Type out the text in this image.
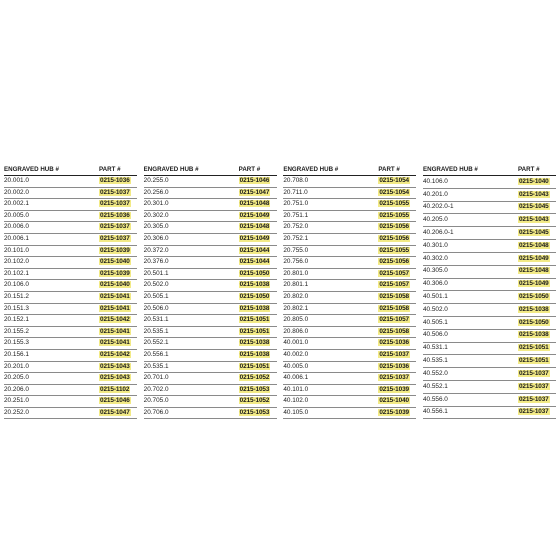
ENGRAVED HUB #	PART #
20.001.0	0215-1036
20.002.0	0215-1037
20.002.1	0215-1037
20.005.0	0215-1036
20.006.0	0215-1037
20.006.1	0215-1037
20.101.0	0215-1039
20.102.0	0215-1040
20.102.1	0215-1039
20.106.0	0215-1040
20.151.2	0215-1041
20.151.3	0215-1041
20.152.1	0215-1042
20.155.2	0215-1041
20.155.3	0215-1041
20.156.1	0215-1042
20.201.0	0215-1043
20.205.0	0215-1043
20.206.0	0215-1102
20.251.0	0215-1046
20.252.0	0215-1047
ENGRAVED HUB #	PART #
20.255.0	0215-1046
20.256.0	0215-1047
20.301.0	0215-1048
20.302.0	0215-1049
20.305.0	0215-1048
20.306.0	0215-1049
20.372.0	0215-1044
20.376.0	0215-1044
20.501.1	0215-1050
20.502.0	0215-1038
20.505.1	0215-1050
20.506.0	0215-1038
20.531.1	0215-1051
20.535.1	0215-1051
20.552.1	0215-1038
20.556.1	0215-1038
20.535.1	0215-1051
20.701.0	0215-1052
20.702.0	0215-1053
20.705.0	0215-1052
20.706.0	0215-1053
ENGRAVED HUB #	PART #
20.708.0	0215-1054
20.711.0	0215-1054
20.751.0	0215-1055
20.751.1	0215-1055
20.752.0	0215-1056
20.752.1	0215-1056
20.755.0	0215-1055
20.756.0	0215-1056
20.801.0	0215-1057
20.801.1	0215-1057
20.802.0	0215-1058
20.802.1	0215-1058
20.805.0	0215-1057
20.806.0	0215-1058
40.001.0	0215-1036
40.002.0	0215-1037
40.005.0	0215-1036
40.006.1	0215-1037
40.101.0	0215-1039
40.102.0	0215-1040
40.105.0	0215-1039
ENGRAVED HUB #	PART #
40.106.0	0215-1040
40.201.0	0215-1043
40.202.0-1	0215-1045
40.205.0	0215-1043
40.206.0-1	0215-1045
40.301.0	0215-1048
40.302.0	0215-1049
40.305.0	0215-1048
40.306.0	0215-1049
40.501.1	0215-1050
40.502.0	0215-1038
40.505.1	0215-1050
40.506.0	0215-1038
40.531.1	0215-1051
40.535.1	0215-1051
40.552.0	0215-1037
40.552.1	0215-1037
40.556.0	0215-1037
40.556.1	0215-1037
